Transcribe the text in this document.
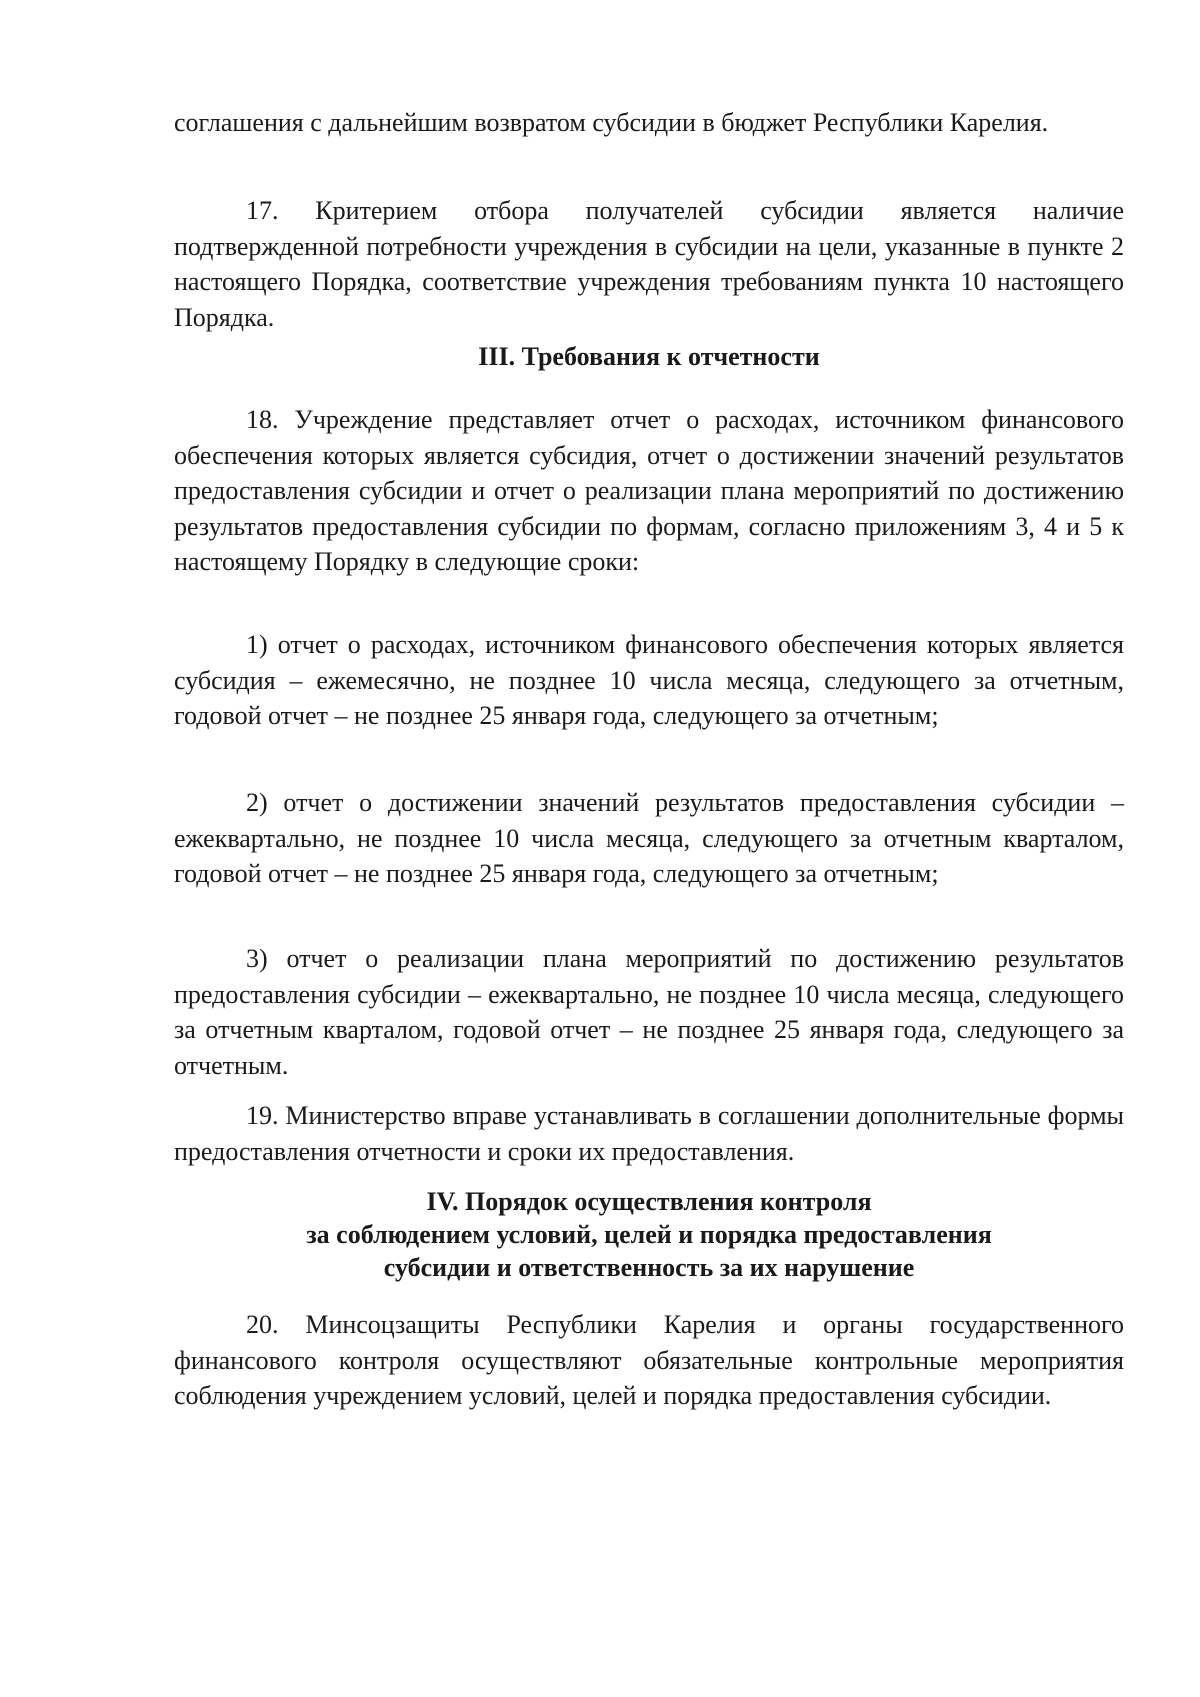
соглашения с дальнейшим возвратом субсидии в бюджет Республики Карелия.

17. Критерием отбора получателей субсидии является наличие подтвержденной потребности учреждения в субсидии на цели, указанные в пункте 2 настоящего Порядка, соответствие учреждения требованиям пункта 10 настоящего Порядка.

III. Требования к отчетности

18. Учреждение представляет отчет о расходах, источником финансового обеспечения которых является субсидия, отчет о достижении значений результатов предоставления субсидии и отчет о реализации плана мероприятий по достижению результатов предоставления субсидии по формам, согласно приложениям 3, 4 и 5 к настоящему Порядку в следующие сроки:

1) отчет о расходах, источником финансового обеспечения которых является субсидия – ежемесячно, не позднее 10 числа месяца, следующего за отчетным, годовой отчет – не позднее 25 января года, следующего за отчетным;

2) отчет о достижении значений результатов предоставления субсидии – ежеквартально, не позднее 10 числа месяца, следующего за отчетным кварталом, годовой отчет – не позднее 25 января года, следующего за отчетным;

3) отчет о реализации плана мероприятий по достижению результатов предоставления субсидии – ежеквартально, не позднее 10 числа месяца, следующего за отчетным кварталом, годовой отчет – не позднее 25 января года, следующего за отчетным.

19. Министерство вправе устанавливать в соглашении дополнительные формы предоставления отчетности и сроки их предоставления.

IV. Порядок осуществления контроля
за соблюдением условий, целей и порядка предоставления
субсидии и ответственность за их нарушение

20. Минсоцзащиты Республики Карелия и органы государственного финансового контроля осуществляют обязательные контрольные мероприятия соблюдения учреждением условий, целей и порядка предоставления субсидии.
